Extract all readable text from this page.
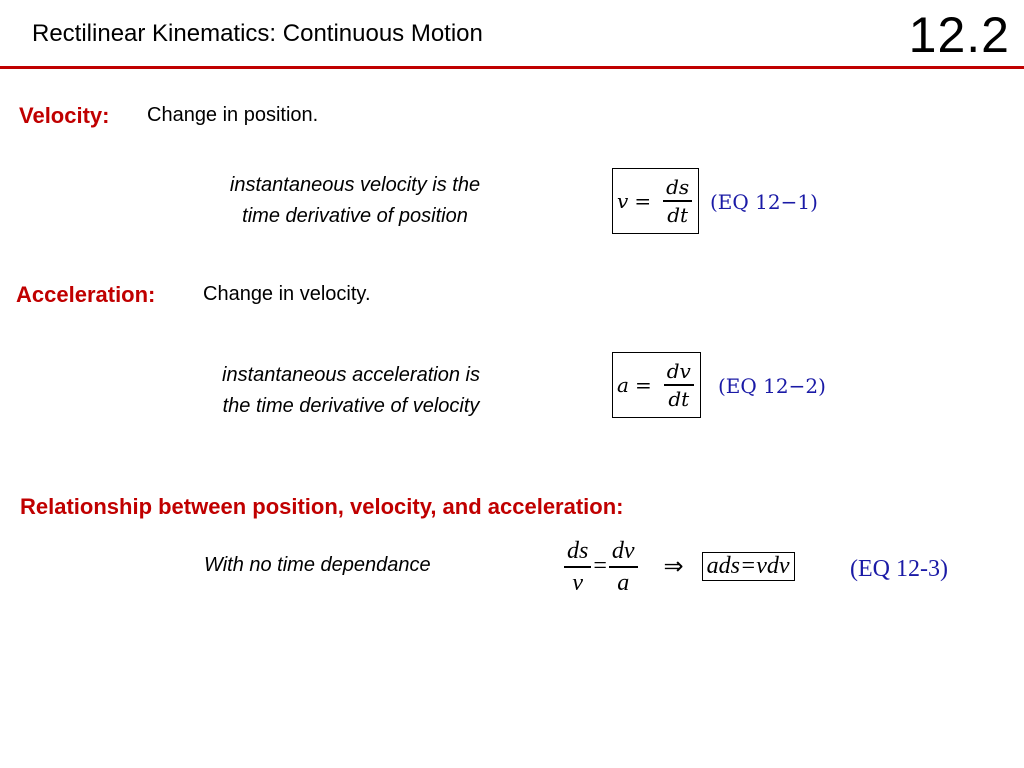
Rectilinear Kinematics: Continuous Motion	12.2
Velocity: Change in position.
instantaneous velocity is the
time derivative of position
$v = \frac{ds}{dt} (EQ$ 12−1)
Acceleration: Change in velocity.
instantaneous acceleration is
the time derivative of velocity
$a = \frac{dv}{dt} (EQ$ 12−2)
Relationship between position, velocity, and acceleration:
With no time dependance	$\frac{ds}{v} = \frac{dv}{a}$ ⇒ ads=vdv	(EQ 12-3)
